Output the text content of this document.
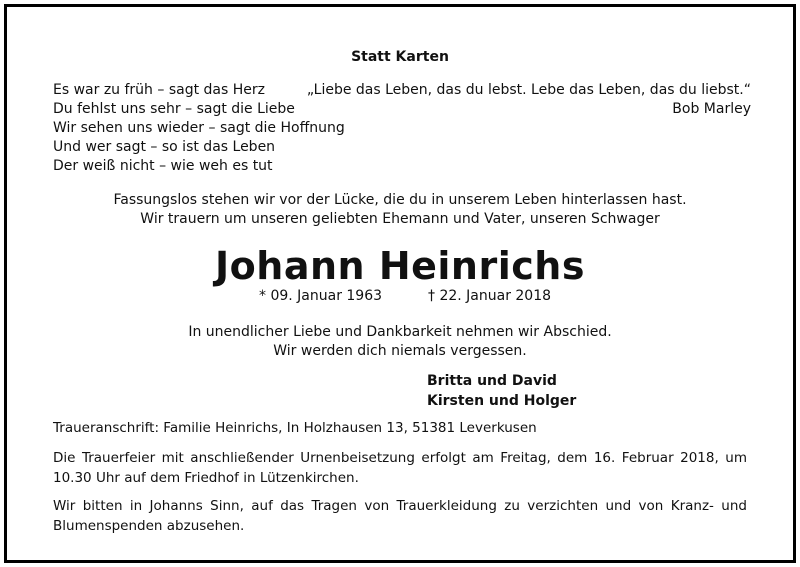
Statt Karten
Es war zu früh – sagt das Herz
Du fehlst uns sehr – sagt die Liebe
Wir sehen uns wieder – sagt die Hoffnung
Und wer sagt – so ist das Leben
Der weiß nicht – wie weh es tut
„Liebe das Leben, das du lebst. Lebe das Leben, das du liebst.“
Bob Marley
Fassungslos stehen wir vor der Lücke, die du in unserem Leben hinterlassen hast.
Wir trauern um unseren geliebten Ehemann und Vater, unseren Schwager
Johann Heinrichs
* 09. Januar 1963	† 22. Januar 2018
In unendlicher Liebe und Dankbarkeit nehmen wir Abschied.
Wir werden dich niemals vergessen.
Britta und David
Kirsten und Holger
Traueranschrift: Familie Heinrichs, In Holzhausen 13, 51381 Leverkusen
Die Trauerfeier mit anschließender Urnenbeisetzung erfolgt am Freitag, dem 16. Februar 2018, um 10.30 Uhr auf dem Friedhof in Lützenkirchen.
Wir bitten in Johanns Sinn, auf das Tragen von Trauerkleidung zu verzichten und von Kranz- und Blumenspenden abzusehen.
